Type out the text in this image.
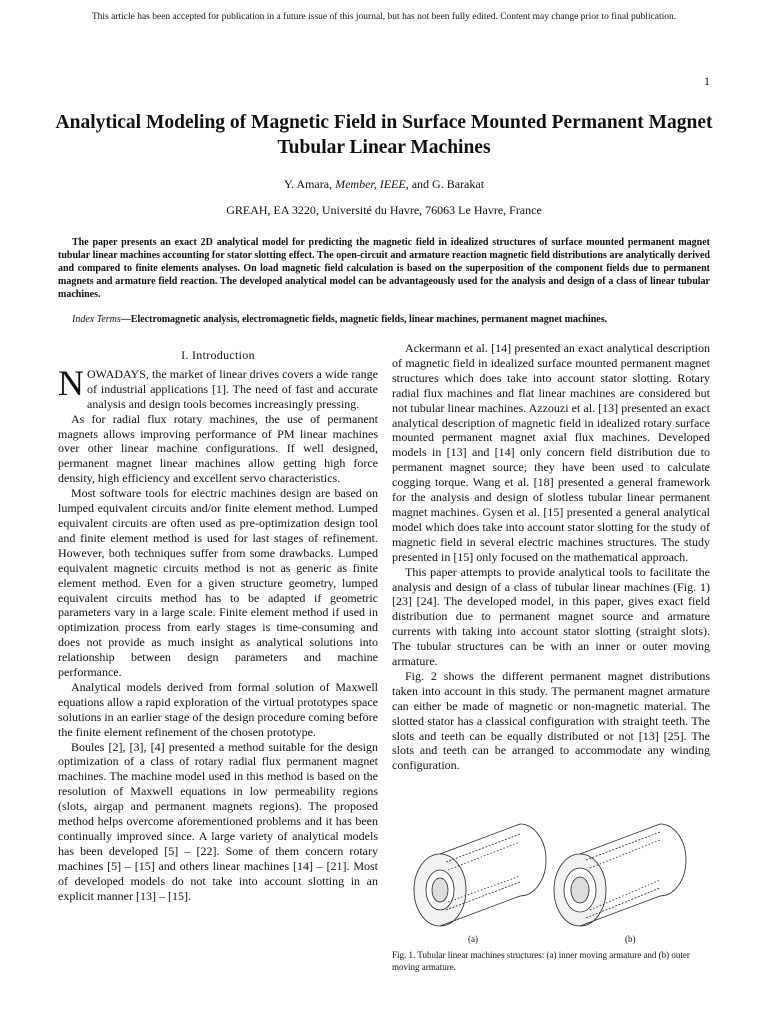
This article has been accepted for publication in a future issue of this journal, but has not been fully edited. Content may change prior to final publication.
1
Analytical Modeling of Magnetic Field in Surface Mounted Permanent Magnet Tubular Linear Machines
Y. Amara, Member, IEEE, and G. Barakat
GREAH, EA 3220, Université du Havre, 76063 Le Havre, France
The paper presents an exact 2D analytical model for predicting the magnetic field in idealized structures of surface mounted permanent magnet tubular linear machines accounting for stator slotting effect. The open-circuit and armature reaction magnetic field distributions are analytically derived and compared to finite elements analyses. On load magnetic field calculation is based on the superposition of the component fields due to permanent magnets and armature field reaction. The developed analytical model can be advantageously used for the analysis and design of a class of linear tubular machines.
Index Terms—Electromagnetic analysis, electromagnetic fields, magnetic fields, linear machines, permanent magnet machines.

I. Introduction

NOWADAYS, the market of linear drives covers a wide range of industrial applications [1]. The need of fast and accurate analysis and design tools becomes increasingly pressing.

As for radial flux rotary machines, the use of permanent magnets allows improving performance of PM linear machines over other linear machine configurations. If well designed, permanent magnet linear machines allow getting high force density, high efficiency and excellent servo characteristics.

Most software tools for electric machines design are based on lumped equivalent circuits and/or finite element method. Lumped equivalent circuits are often used as pre-optimization design tool and finite element method is used for last stages of refinement. However, both techniques suffer from some drawbacks. Lumped equivalent magnetic circuits method is not as generic as finite element method. Even for a given structure geometry, lumped equivalent circuits method has to be adapted if geometric parameters vary in a large scale. Finite element method if used in optimization process from early stages is time-consuming and does not provide as much insight as analytical solutions into relationship between design parameters and machine performance.

Analytical models derived from formal solution of Maxwell equations allow a rapid exploration of the virtual prototypes space solutions in an earlier stage of the design procedure coming before the finite element refinement of the chosen prototype.

Boules [2], [3], [4] presented a method suitable for the design optimization of a class of rotary radial flux permanent magnet machines. The machine model used in this method is based on the resolution of Maxwell equations in low permeability regions (slots, airgap and permanent magnets regions). The proposed method helps overcome aforementioned problems and it has been continually improved since. A large variety of analytical models has been developed [5] – [22]. Some of them concern rotary machines [5] – [15] and others linear machines [14] – [21]. Most of developed models do not take into account slotting in an explicit manner [13] – [15].

Ackermann et al. [14] presented an exact analytical description of magnetic field in idealized surface mounted permanent magnet structures which does take into account stator slotting. Rotary radial flux machines and flat linear machines are considered but not tubular linear machines. Azzouzi et al. [13] presented an exact analytical description of magnetic field in idealized rotary surface mounted permanent magnet axial flux machines. Developed models in [13] and [14] only concern field distribution due to permanent magnet source; they have been used to calculate cogging torque. Wang et al. [18] presented a general framework for the analysis and design of slotless tubular linear permanent magnet machines. Gysen et al. [15] presented a general analytical model which does take into account stator slotting for the study of magnetic field in several electric machines structures. The study presented in [15] only focused on the mathematical approach.

This paper attempts to provide analytical tools to facilitate the analysis and design of a class of tubular linear machines (Fig. 1) [23] [24]. The developed model, in this paper, gives exact field distribution due to permanent magnet source and armature currents with taking into account stator slotting (straight slots). The tubular structures can be with an inner or outer moving armature.

Fig. 2 shows the different permanent magnet distributions taken into account in this study. The permanent magnet armature can either be made of magnetic or non-magnetic material. The slotted stator has a classical configuration with straight teeth. The slots and teeth can be equally distributed or not [13] [25]. The slots and teeth can be arranged to accommodate any winding configuration.

(a)	(b)
Fig. 1. Tubular linear machines structures: (a) inner moving armature and (b) outer moving armature.
